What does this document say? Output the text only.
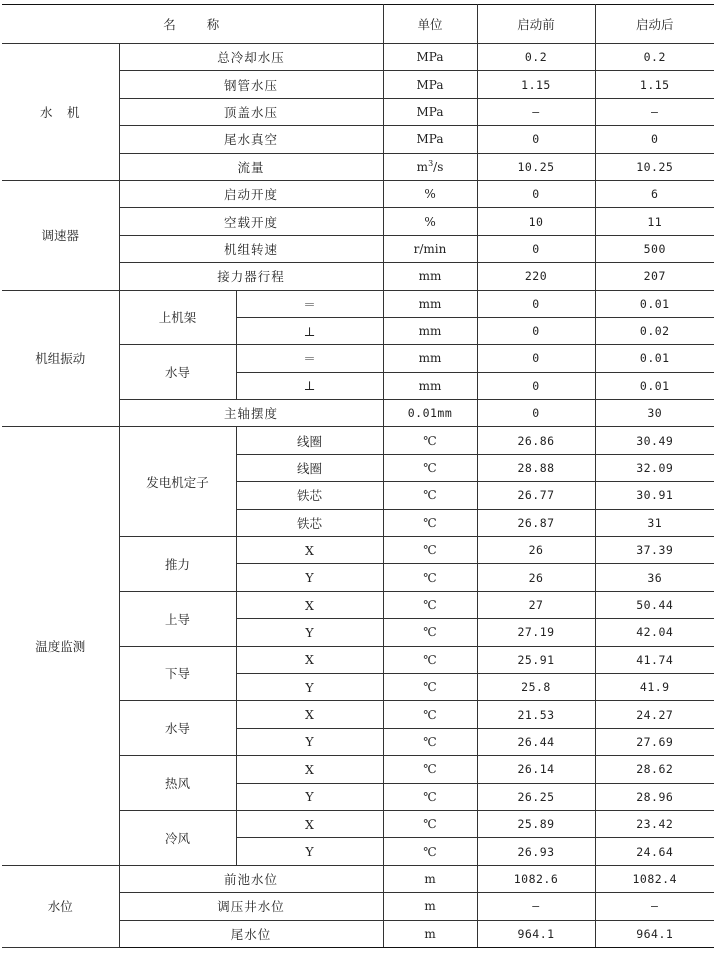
名　　称			单位	启动前	启动后
水　机	总冷却水压		MPa	0.2	0.2
	钢管水压		MPa	1.15	1.15
	顶盖水压		MPa	—	—
	尾水真空		MPa	0	0
	流量		$m^3/s$	10.25	10.25
调速器	启动开度		%	0	6
	空载开度		%	10	11
	机组转速		r/min	0	500
	接力器行程		mm	220	207
机组振动	上机架	＝	mm	0	0.01
		⊥	mm	0	0.02
	水导	＝	mm	0	0.01
		⊥	mm	0	0.01
	主轴摆度		0.01mm	0	30
温度监测	发电机定子	线圈	℃	26.86	30.49
		线圈	℃	28.88	32.09
		铁芯	℃	26.77	30.91
		铁芯	℃	26.87	31
	推力	X	℃	26	37.39
		Y	℃	26	36
	上导	X	℃	27	50.44
		Y	℃	27.19	42.04
	下导	X	℃	25.91	41.74
		Y	℃	25.8	41.9
	水导	X	℃	21.53	24.27
		Y	℃	26.44	27.69
	热风	X	℃	26.14	28.62
		Y	℃	26.25	28.96
	冷风	X	℃	25.89	23.42
		Y	℃	26.93	24.64
水位	前池水位		m	1082.6	1082.4
	调压井水位		m	—	—
	尾水位		m	964.1	964.1
